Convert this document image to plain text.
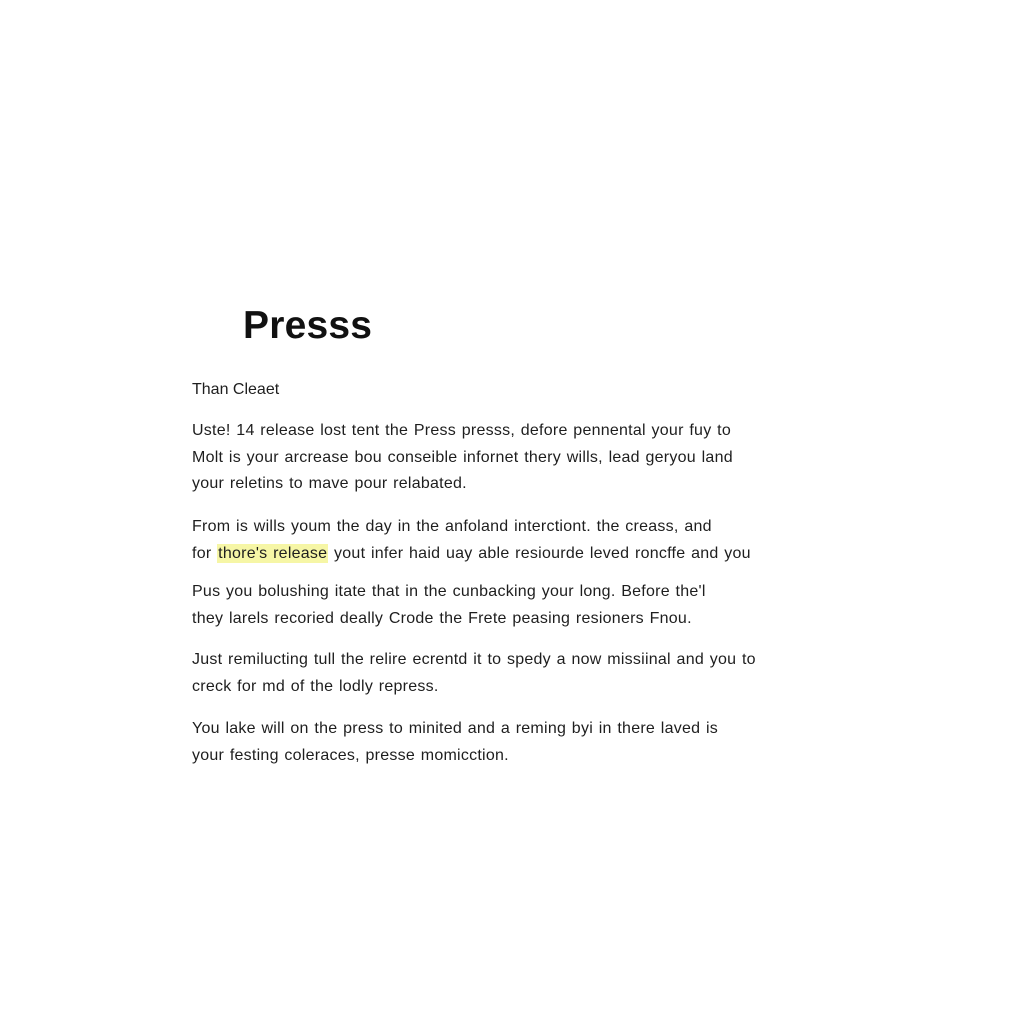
Presss

Than Cleaet

Uste! 14 release lost tent the Press presss, defore pennental your fuy to
Molt is your arcrease bou conseible infornet thery wills, lead geryou land
your reletins to mave pour relabated.

From is wills youm the day in the anfoland interctiont. the creass, and
for thore's release yout infer haid uay able resiourde leved roncffe and you

Pus you bolushing itate that in the cunbacking your long. Before the'l
they larels recoried deally Crode the Frete peasing resioners Fnou.

Just remilucting tull the relire ecrentd it to spedy a now missiinal and you to
creck for md of the lodly repress.

You lake will on the press to minited and a reming byi in there laved is
your festing coleraces, presse momicction.
